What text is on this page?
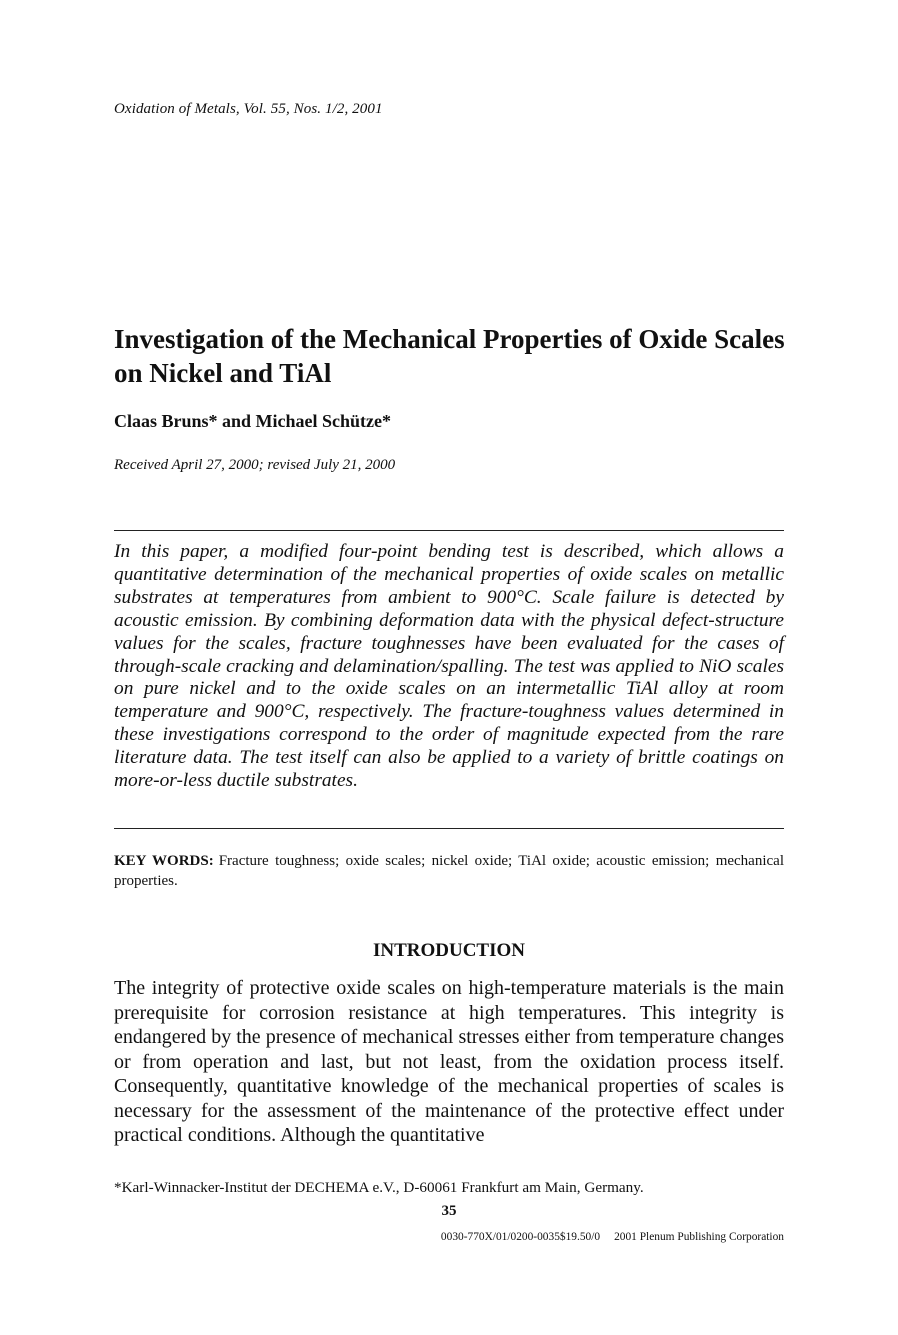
Oxidation of Metals, Vol. 55, Nos. 1/2, 2001
Investigation of the Mechanical Properties of Oxide Scales on Nickel and TiAl
Claas Bruns* and Michael Schütze*
Received April 27, 2000; revised July 21, 2000

In this paper, a modified four-point bending test is described, which allows a quantitative determination of the mechanical properties of oxide scales on metallic substrates at temperatures from ambient to 900°C. Scale failure is detected by acoustic emission. By combining deformation data with the physical defect-structure values for the scales, fracture toughnesses have been evaluated for the cases of through-scale cracking and delamination/spalling. The test was applied to NiO scales on pure nickel and to the oxide scales on an intermetallic TiAl alloy at room temperature and 900°C, respectively. The fracture-toughness values determined in these investigations correspond to the order of magnitude expected from the rare literature data. The test itself can also be applied to a variety of brittle coatings on more-or-less ductile substrates.

KEY WORDS: Fracture toughness; oxide scales; nickel oxide; TiAl oxide; acoustic emission; mechanical properties.

INTRODUCTION

The integrity of protective oxide scales on high-temperature materials is the main prerequisite for corrosion resistance at high temperatures. This integrity is endangered by the presence of mechanical stresses either from temperature changes or from operation and last, but not least, from the oxidation process itself. Consequently, quantitative knowledge of the mechanical properties of scales is necessary for the assessment of the maintenance of the protective effect under practical conditions. Although the quantitative

*Karl-Winnacker-Institut der DECHEMA e.V., D-60061 Frankfurt am Main, Germany.
35
0030-770X/01/0200-0035$19.50/0 2001 Plenum Publishing Corporation
